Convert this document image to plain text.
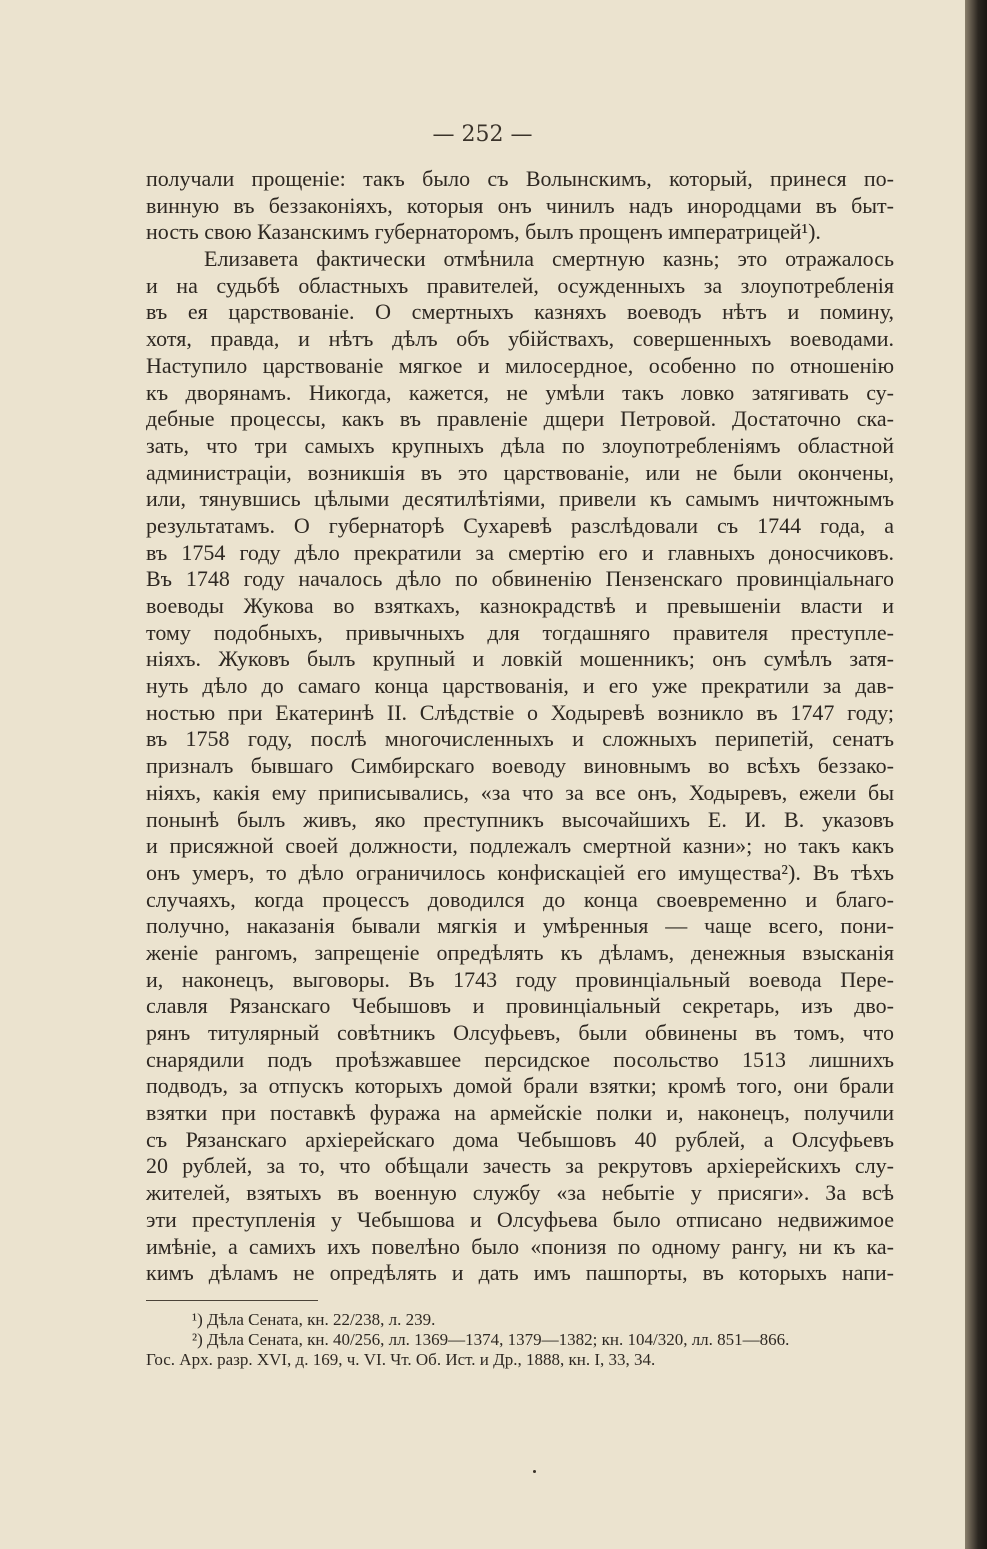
— 252 —
получали прощеніе: такъ было съ Волынскимъ, который, принеся по-
винную въ беззаконіяхъ, которыя онъ чинилъ надъ инородцами въ быт-
ность свою Казанскимъ губернаторомъ, былъ прощенъ императрицей¹).
Елизавета фактически отмѣнила смертную казнь; это отражалось
и на судьбѣ областныхъ правителей, осужденныхъ за злоупотребленія
въ ея царствованіе. О смертныхъ казняхъ воеводъ нѣтъ и помину,
хотя, правда, и нѣтъ дѣлъ объ убійствахъ, совершенныхъ воеводами.
Наступило царствованіе мягкое и милосердное, особенно по отношенію
къ дворянамъ. Никогда, кажется, не умѣли такъ ловко затягивать су-
дебные процессы, какъ въ правленіе дщери Петровой. Достаточно ска-
зать, что три самыхъ крупныхъ дѣла по злоупотребленіямъ областной
администраціи, возникшія въ это царствованіе, или не были окончены,
или, тянувшись цѣлыми десятилѣтіями, привели къ самымъ ничтожнымъ
результатамъ. О губернаторѣ Сухаревѣ разслѣдовали съ 1744 года, а
въ 1754 году дѣло прекратили за смертію его и главныхъ доносчиковъ.
Въ 1748 году началось дѣло по обвиненію Пензенскаго провинціальнаго
воеводы Жукова во взяткахъ, казнокрадствѣ и превышеніи власти и
тому подобныхъ, привычныхъ для тогдашняго правителя преступле-
ніяхъ. Жуковъ былъ крупный и ловкій мошенникъ; онъ сумѣлъ затя-
нуть дѣло до самаго конца царствованія, и его уже прекратили за дав-
ностью при Екатеринѣ II. Слѣдствіе о Ходыревѣ возникло въ 1747 году;
въ 1758 году, послѣ многочисленныхъ и сложныхъ перипетій, сенатъ
призналъ бывшаго Симбирскаго воеводу виновнымъ во всѣхъ беззако-
ніяхъ, какія ему приписывались, «за что за все онъ, Ходыревъ, ежели бы
понынѣ былъ живъ, яко преступникъ высочайшихъ Е. И. В. указовъ
и присяжной своей должности, подлежалъ смертной казни»; но такъ какъ
онъ умеръ, то дѣло ограничилось конфискацiей его имущества²). Въ тѣхъ
случаяхъ, когда процессъ доводился до конца своевременно и благо-
получно, наказанія бывали мягкія и умѣренныя — чаще всего, пони-
женіе рангомъ, запрещеніе опредѣлять къ дѣламъ, денежныя взысканія
и, наконецъ, выговоры. Въ 1743 году провинціальный воевода Пере-
славля Рязанскаго Чебышовъ и провинціальный секретарь, изъ дво-
рянъ титулярный совѣтникъ Олсуфьевъ, были обвинены въ томъ, что
снарядили подъ проѣзжавшее персидское посольство 1513 лишнихъ
подводъ, за отпускъ которыхъ домой брали взятки; кромѣ того, они брали
взятки при поставкѣ фуража на армейскіе полки и, наконецъ, получили
съ Рязанскаго архіерейскаго дома Чебышовъ 40 рублей, а Олсуфьевъ
20 рублей, за то, что обѣщали зачесть за рекрутовъ архіерейскихъ слу-
жителей, взятыхъ въ военную службу «за небытіе у присяги». За всѣ
эти преступленія у Чебышова и Олсуфьева было отписано недвижимое
имѣніе, а самихъ ихъ повелѣно было «понизя по одному рангу, ни къ ка-
кимъ дѣламъ не опредѣлять и дать имъ пашпорты, въ которыхъ напи-
¹) Дѣла Сената, кн. 22/238, л. 239.
²) Дѣла Сената, кн. 40/256, лл. 1369—1374, 1379—1382; кн. 104/320, лл. 851—866.
Гос. Арх. разр. XVI, д. 169, ч. VI. Чт. Об. Ист. и Др., 1888, кн. I, 33, 34.
